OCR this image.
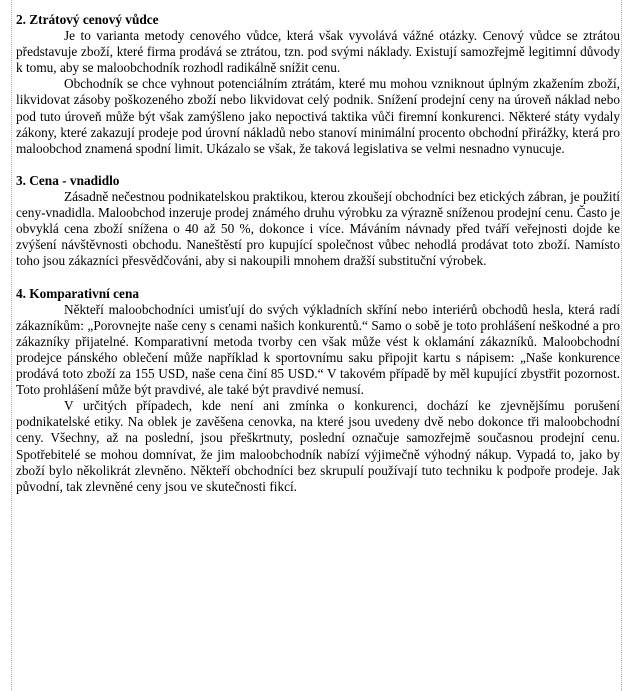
2. Ztrátový cenový vůdce

Je to varianta metody cenového vůdce, která však vyvolává vážné otázky. Cenový vůdce se ztrátou představuje zboží, které firma prodává se ztrátou, tzn. pod svými náklady. Existují samozřejmě legitimní důvody k tomu, aby se maloobchodník rozhodl radikálně snížit cenu.

Obchodník se chce vyhnout potenciálním ztrátám, které mu mohou vzniknout úplným zkažením zboží, likvidovat zásoby poškozeného zboží nebo likvidovat celý podnik. Snížení prodejní ceny na úroveň náklad nebo pod tuto úroveň může být však zamýšleno jako nepoctivá taktika vůči firemní konkurenci. Některé státy vydaly zákony, které zakazují prodeje pod úrovní nákladů nebo stanoví minimální procento obchodní přirážky, která pro maloobchod znamená spodní limit. Ukázalo se však, že taková legislativa se velmi nesnadno vynucuje.

3. Cena - vnadidlo

Zásadně nečestnou podnikatelskou praktikou, kterou zkoušejí obchodníci bez etických zábran, je použití ceny-vnadidla. Maloobchod inzeruje prodej známého druhu výrobku za výrazně sníženou prodejní cenu. Často je obvyklá cena zboží snížena o 40 až 50 %, dokonce i více. Máváním návnady před tváří veřejnosti dojde ke zvýšení návštěvnosti obchodu. Naneštěstí pro kupující společnost vůbec nehodlá prodávat toto zboží. Namísto toho jsou zákazníci přesvědčováni, aby si nakoupili mnohem dražší substituční výrobek.

4. Komparativní cena

Někteří maloobchodníci umisťují do svých výkladních skříní nebo interiérů obchodů hesla, která radí zákazníkům: „Porovnejte naše ceny s cenami našich konkurentů.“ Samo o sobě je toto prohlášení neškodné a pro zákazníky přijatelné. Komparativní metoda tvorby cen však může vést k oklamání zákazníků. Maloobchodní prodejce pánského oblečení může například k sportovnímu saku připojit kartu s nápisem: „Naše konkurence prodává toto zboží za 155 USD, naše cena činí 85 USD.“ V takovém případě by měl kupující zbystřit pozornost. Toto prohlášení může být pravdivé, ale také být pravdivé nemusí.

V určitých případech, kde není ani zmínka o konkurenci, dochází ke zjevnějšímu porušení podnikatelské etiky. Na oblek je zavěšena cenovka, na které jsou uvedeny dvě nebo dokonce tři maloobchodní ceny. Všechny, až na poslední, jsou přeškrtnuty, poslední označuje samozřejmě současnou prodejní cenu. Spotřebitelé se mohou domnívat, že jim maloobchodník nabízí výjimečně výhodný nákup. Vypadá to, jako by zboží bylo několikrát zlevněno. Někteří obchodníci bez skrupulí používají tuto techniku k podpoře prodeje. Jak původní, tak zlevněné ceny jsou ve skutečnosti fikcí.
